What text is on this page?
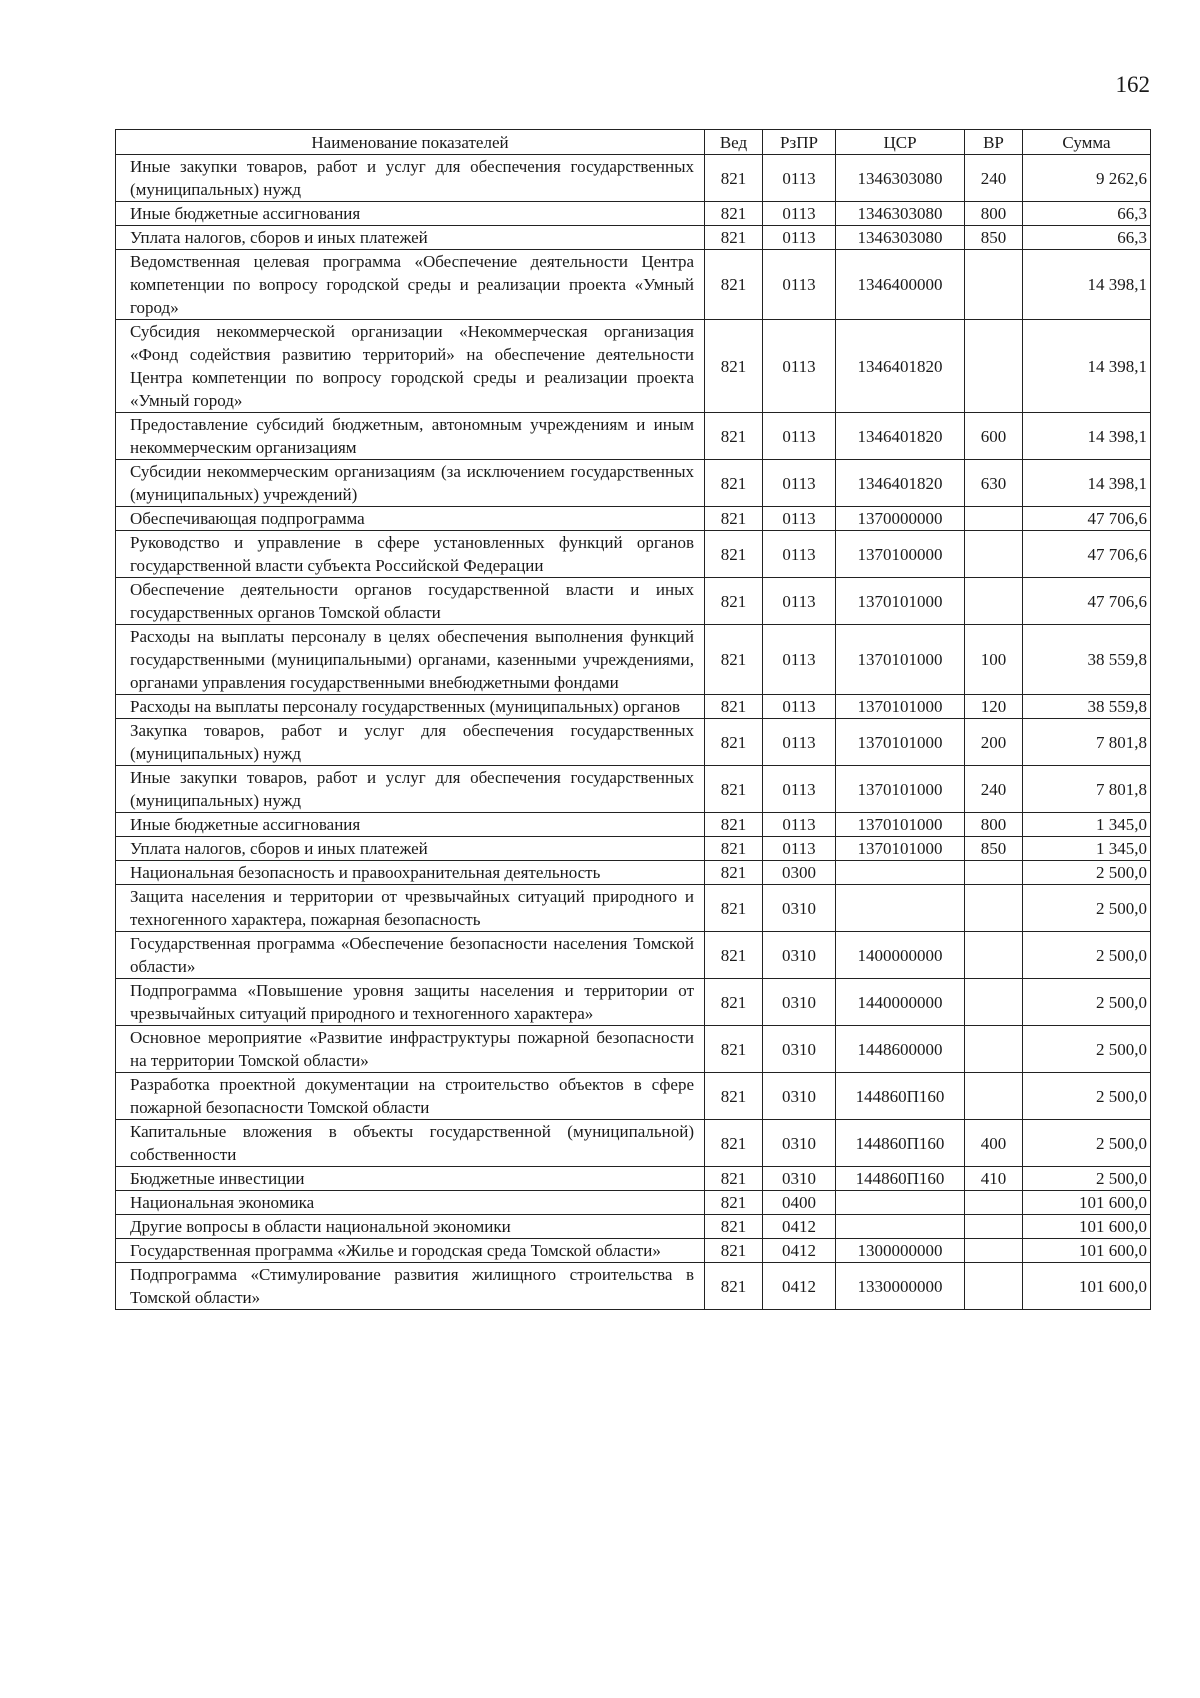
162
Наименование показателей	Вед	РзПР	ЦСР	ВР	Сумма
Иные закупки товаров, работ и услуг для обеспечения государственных (муниципальных) нужд	821	0113	1346303080	240	9 262,6
Иные бюджетные ассигнования	821	0113	1346303080	800	66,3
Уплата налогов, сборов и иных платежей	821	0113	1346303080	850	66,3
Ведомственная целевая программа «Обеспечение деятельности Центра компетенции по вопросу городской среды и реализации проекта «Умный город»	821	0113	1346400000		14 398,1
Субсидия некоммерческой организации «Некоммерческая организация «Фонд содействия развитию территорий» на обеспечение деятельности Центра компетенции по вопросу городской среды и реализации проекта «Умный город»	821	0113	1346401820		14 398,1
Предоставление субсидий бюджетным, автономным учреждениям и иным некоммерческим организациям	821	0113	1346401820	600	14 398,1
Субсидии некоммерческим организациям (за исключением государственных (муниципальных) учреждений)	821	0113	1346401820	630	14 398,1
Обеспечивающая подпрограмма	821	0113	1370000000		47 706,6
Руководство и управление в сфере установленных функций органов государственной власти субъекта Российской Федерации	821	0113	1370100000		47 706,6
Обеспечение деятельности органов государственной власти и иных государственных органов Томской области	821	0113	1370101000		47 706,6
Расходы на выплаты персоналу в целях обеспечения выполнения функций государственными (муниципальными) органами, казенными учреждениями, органами управления государственными внебюджетными фондами	821	0113	1370101000	100	38 559,8
Расходы на выплаты персоналу государственных (муниципальных) органов	821	0113	1370101000	120	38 559,8
Закупка товаров, работ и услуг для обеспечения государственных (муниципальных) нужд	821	0113	1370101000	200	7 801,8
Иные закупки товаров, работ и услуг для обеспечения государственных (муниципальных) нужд	821	0113	1370101000	240	7 801,8
Иные бюджетные ассигнования	821	0113	1370101000	800	1 345,0
Уплата налогов, сборов и иных платежей	821	0113	1370101000	850	1 345,0
Национальная безопасность и правоохранительная деятельность	821	0300			2 500,0
Защита населения и территории от чрезвычайных ситуаций природного и техногенного характера, пожарная безопасность	821	0310			2 500,0
Государственная программа «Обеспечение безопасности населения Томской области»	821	0310	1400000000		2 500,0
Подпрограмма «Повышение уровня защиты населения и территории от чрезвычайных ситуаций природного и техногенного характера»	821	0310	1440000000		2 500,0
Основное мероприятие «Развитие инфраструктуры пожарной безопасности на территории Томской области»	821	0310	1448600000		2 500,0
Разработка проектной документации на строительство объектов в сфере пожарной безопасности Томской области	821	0310	144860П160		2 500,0
Капитальные вложения в объекты государственной (муниципальной) собственности	821	0310	144860П160	400	2 500,0
Бюджетные инвестиции	821	0310	144860П160	410	2 500,0
Национальная экономика	821	0400			101 600,0
Другие вопросы в области национальной экономики	821	0412			101 600,0
Государственная программа «Жилье и городская среда Томской области»	821	0412	1300000000		101 600,0
Подпрограмма «Стимулирование развития жилищного строительства в Томской области»	821	0412	1330000000		101 600,0
